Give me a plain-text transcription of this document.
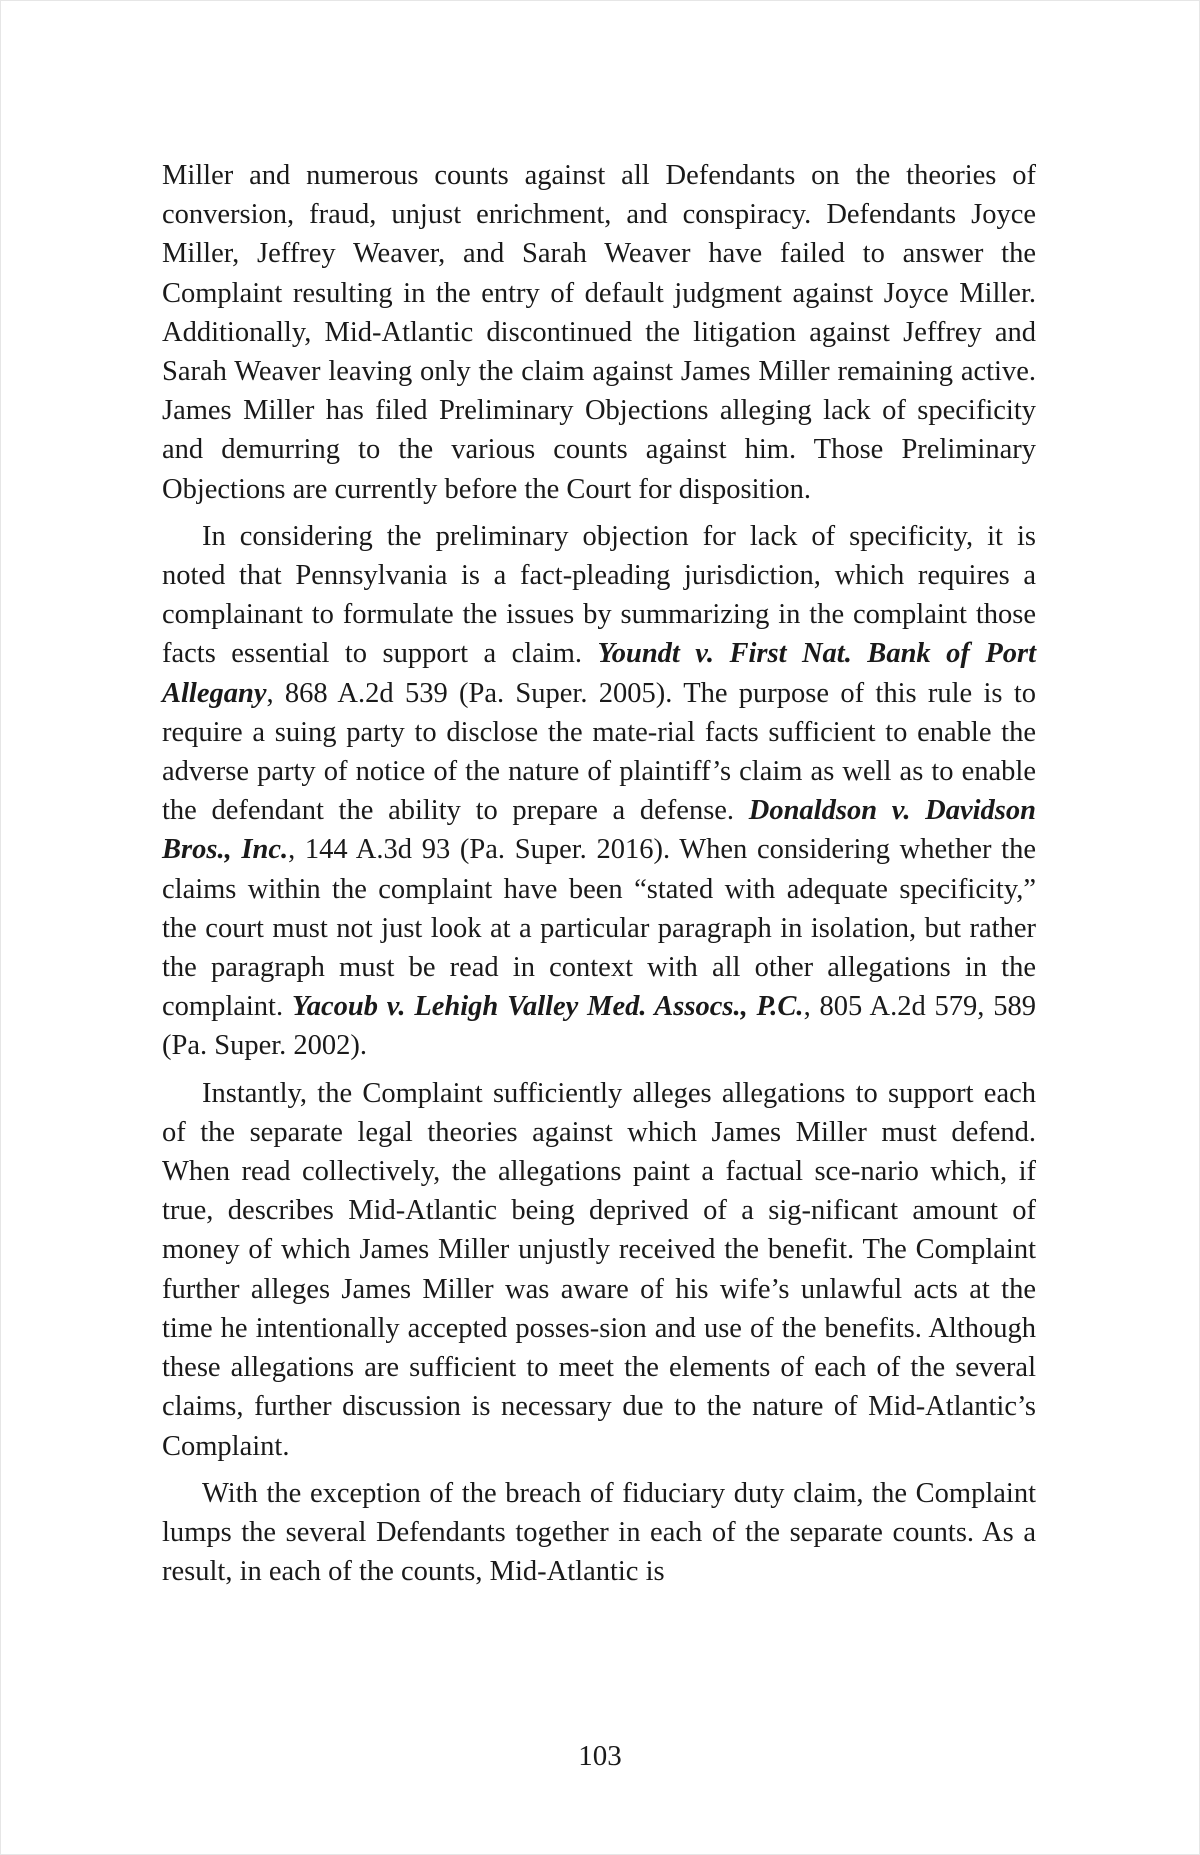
Miller and numerous counts against all Defendants on the theories of conversion, fraud, unjust enrichment, and conspiracy. Defendants Joyce Miller, Jeffrey Weaver, and Sarah Weaver have failed to answer the Complaint resulting in the entry of default judgment against Joyce Miller. Additionally, Mid-Atlantic discontinued the litigation against Jeffrey and Sarah Weaver leaving only the claim against James Miller remaining active. James Miller has filed Preliminary Objections alleging lack of specificity and demurring to the various counts against him. Those Preliminary Objections are currently before the Court for disposition.

In considering the preliminary objection for lack of specificity, it is noted that Pennsylvania is a fact-pleading jurisdiction, which requires a complainant to formulate the issues by summarizing in the complaint those facts essential to support a claim. Youndt v. First Nat. Bank of Port Allegany, 868 A.2d 539 (Pa. Super. 2005). The purpose of this rule is to require a suing party to disclose the mate-rial facts sufficient to enable the adverse party of notice of the nature of plaintiff’s claim as well as to enable the defendant the ability to prepare a defense. Donaldson v. Davidson Bros., Inc., 144 A.3d 93 (Pa. Super. 2016). When considering whether the claims within the complaint have been “stated with adequate specificity,” the court must not just look at a particular paragraph in isolation, but rather the paragraph must be read in context with all other allegations in the complaint. Yacoub v. Lehigh Valley Med. Assocs., P.C., 805 A.2d 579, 589 (Pa. Super. 2002).

Instantly, the Complaint sufficiently alleges allegations to support each of the separate legal theories against which James Miller must defend. When read collectively, the allegations paint a factual sce-nario which, if true, describes Mid-Atlantic being deprived of a sig-nificant amount of money of which James Miller unjustly received the benefit. The Complaint further alleges James Miller was aware of his wife’s unlawful acts at the time he intentionally accepted posses-sion and use of the benefits. Although these allegations are sufficient to meet the elements of each of the several claims, further discussion is necessary due to the nature of Mid-Atlantic’s Complaint.

With the exception of the breach of fiduciary duty claim, the Complaint lumps the several Defendants together in each of the separate counts. As a result, in each of the counts, Mid-Atlantic is

103
